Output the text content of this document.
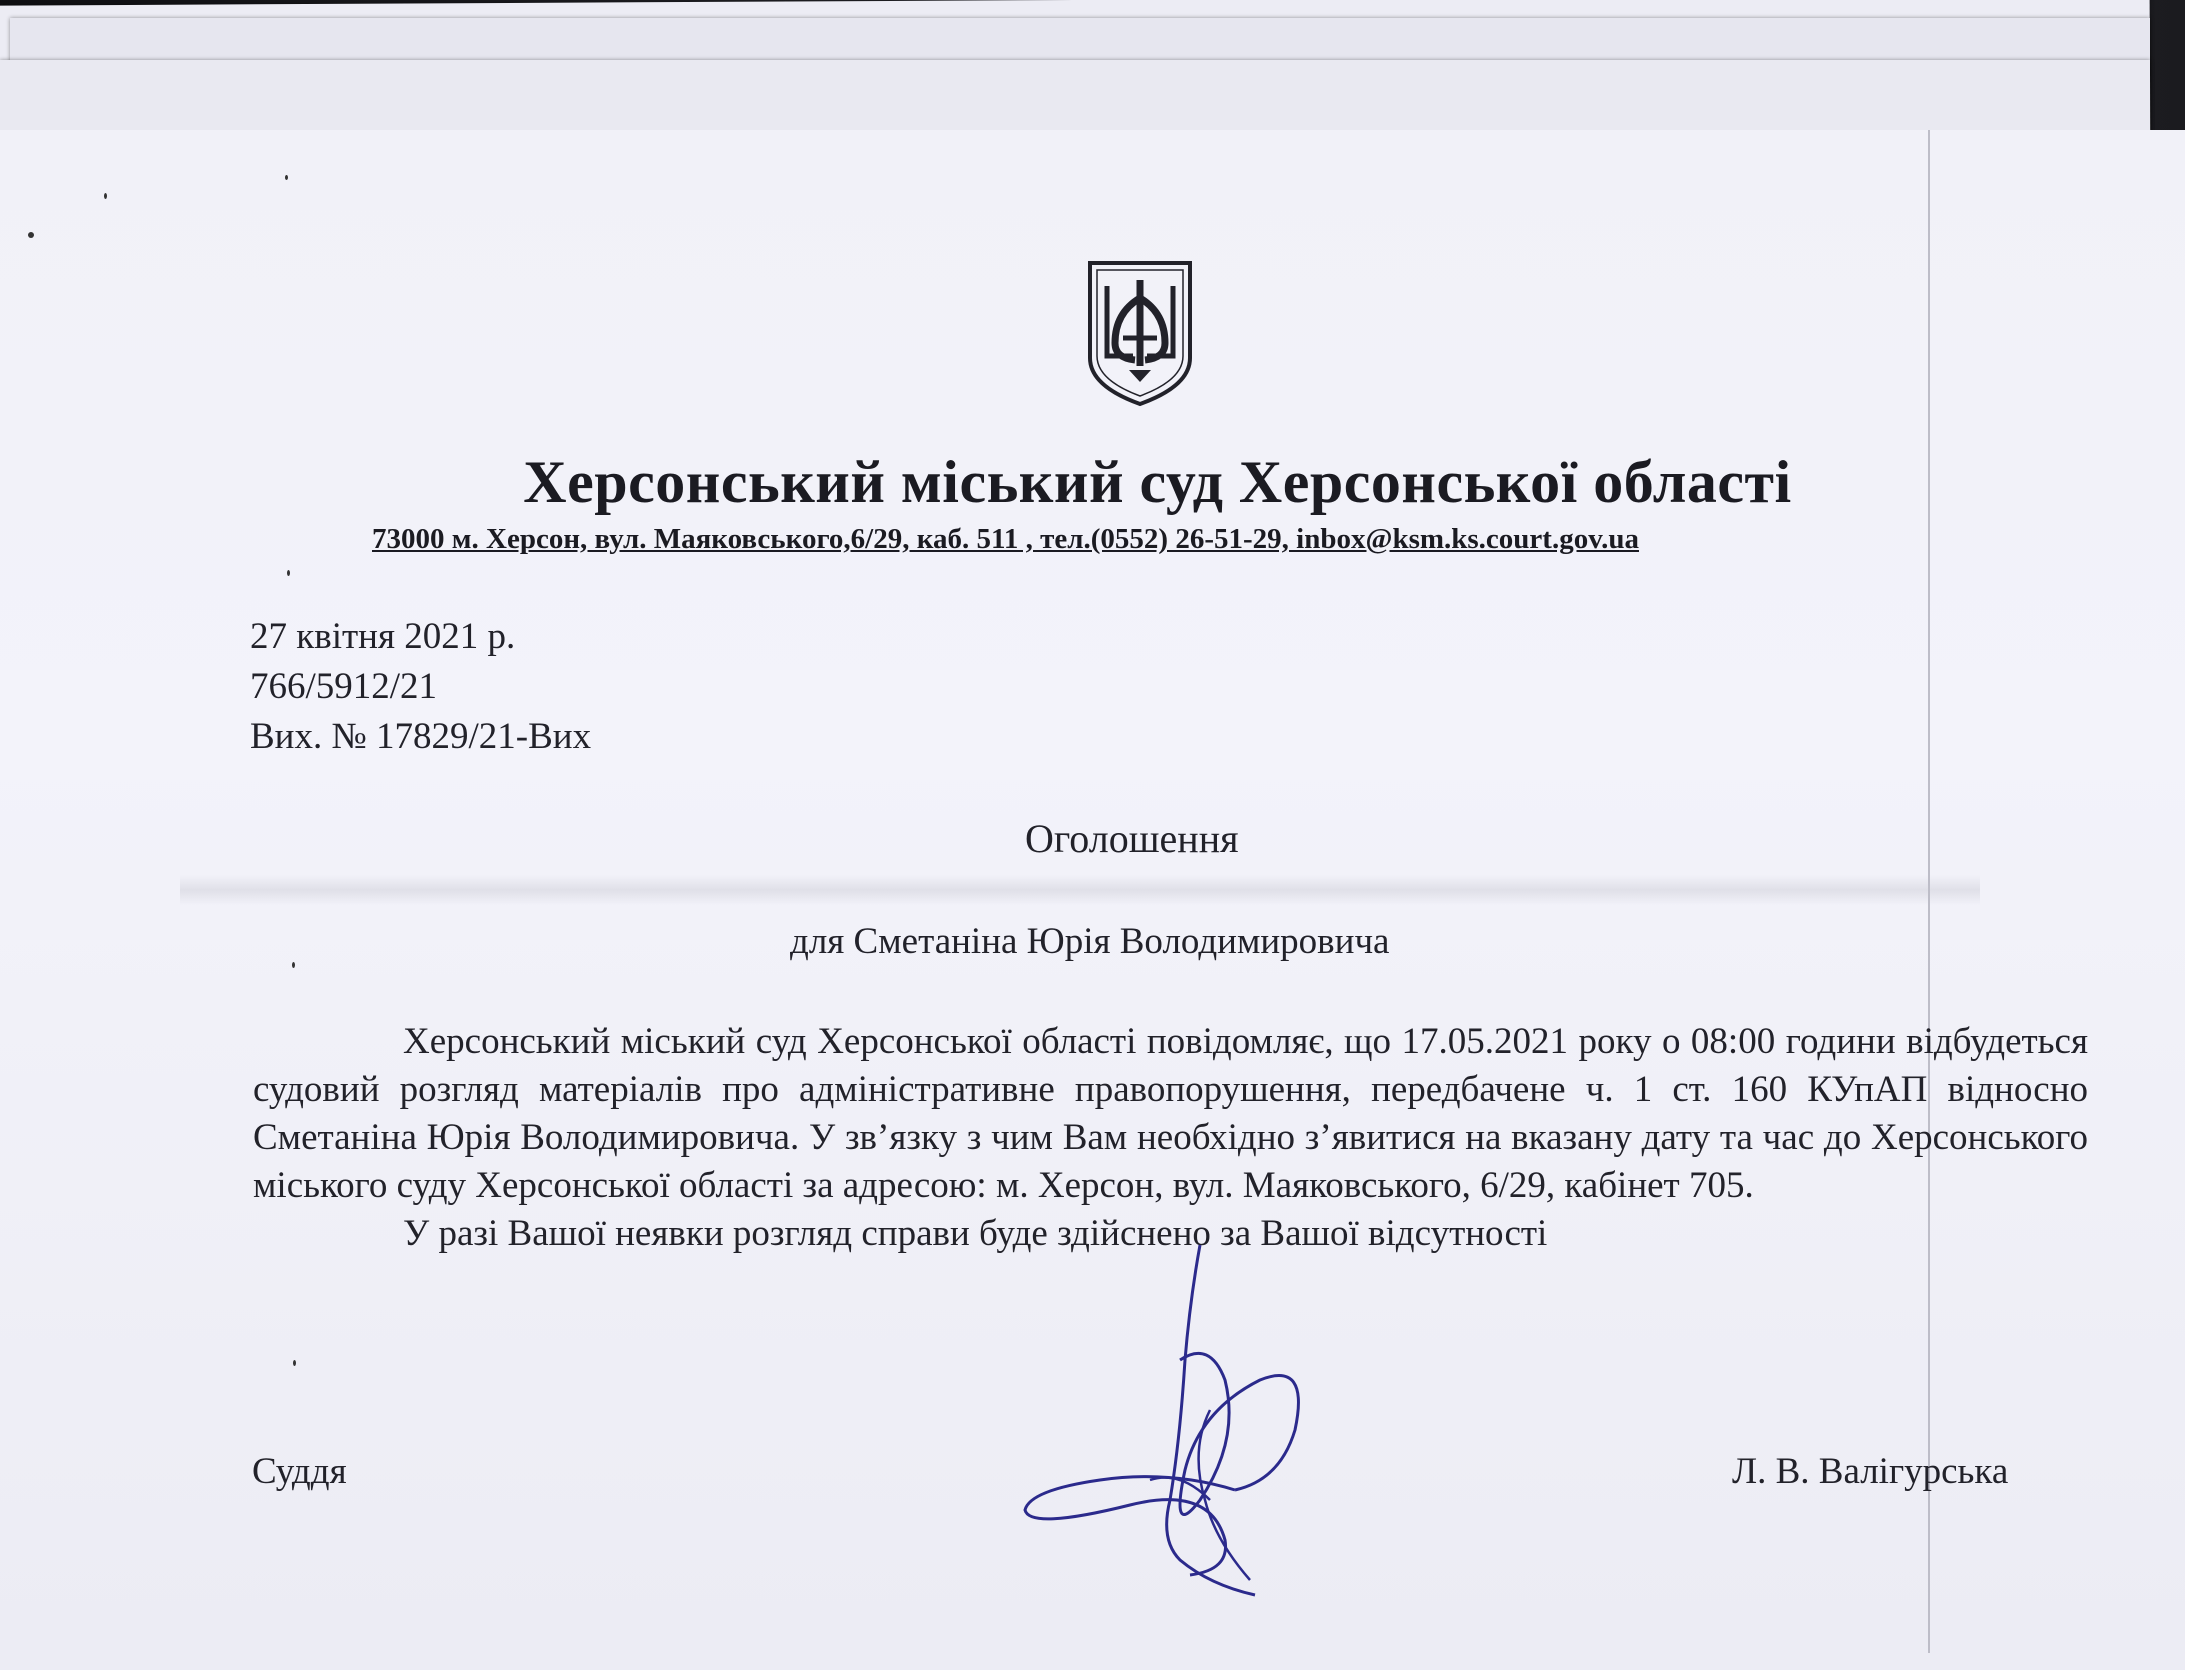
Херсонський міський суд Херсонської області
73000 м. Херсон, вул. Маяковського,6/29, каб. 511 , тел.(0552) 26-51-29, inbox@ksm.ks.court.gov.ua
27 квітня 2021 р.
766/5912/21
Вих. № 17829/21-Вих
Оголошення
для Сметаніна Юрія Володимировича

Херсонський міський суд Херсонської області повідомляє, що 17.05.2021 року о 08:00 години відбудеться судовий розгляд матеріалів про адміністративне правопорушення, передбачене ч. 1 ст. 160 КУпАП відносно Сметаніна Юрія Володимировича. У зв’язку з чим Вам необхідно з’явитися на вказану дату та час до Херсонського міського суду Херсонської області за адресою: м. Херсон, вул. Маяковського, 6/29, кабінет 705.

У разі Вашої неявки розгляд справи буде здійснено за Вашої відсутності

Суддя	Л. В. Валігурська
